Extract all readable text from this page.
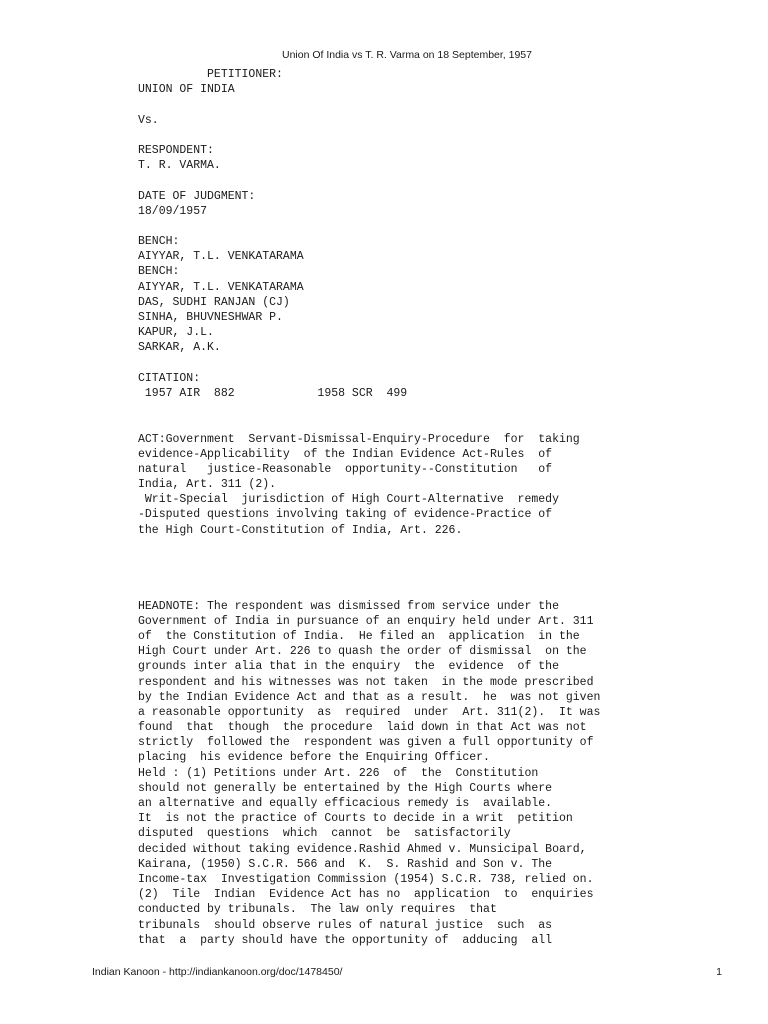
Union Of India vs T. R. Varma on 18 September, 1957
PETITIONER:
UNION OF INDIA
Vs.
RESPONDENT:
T. R. VARMA.
DATE OF JUDGMENT:
18/09/1957
BENCH:
AIYYAR, T.L. VENKATARAMA
BENCH:
AIYYAR, T.L. VENKATARAMA
DAS, SUDHI RANJAN (CJ)
SINHA, BHUVNESHWAR P.
KAPUR, J.L.
SARKAR, A.K.
CITATION:
1957 AIR  882            1958 SCR  499
ACT:Government  Servant-Dismissal-Enquiry-Procedure  for  taking
evidence-Applicability  of the Indian Evidence Act-Rules  of
natural   justice-Reasonable  opportunity--Constitution   of
India, Art. 311 (2).
Writ-Special  jurisdiction of High Court-Alternative  remedy
-Disputed questions involving taking of evidence-Practice of
the High Court-Constitution of India, Art. 226.
HEADNOTE: The respondent was dismissed from service under the
Government of India in pursuance of an enquiry held under Art. 311
of  the Constitution of India.  He filed an  application  in the
High Court under Art. 226 to quash the order of dismissal  on the
grounds inter alia that in the enquiry  the  evidence  of the
respondent and his witnesses was not taken  in the mode prescribed
by the Indian Evidence Act and that as a result.  he  was not given
a reasonable opportunity  as  required  under  Art. 311(2).  It was
found  that  though  the procedure  laid down in that Act was not
strictly  followed the  respondent was given a full opportunity of
placing  his evidence before the Enquiring Officer.
Held : (1) Petitions under Art. 226  of  the  Constitution
should not generally be entertained by the High Courts where
an alternative and equally efficacious remedy is  available.
It  is not the practice of Courts to decide in a writ  petition
disputed  questions  which  cannot  be  satisfactorily
decided without taking evidence.Rashid Ahmed v. Munsicipal Board,
Kairana, (1950) S.C.R. 566 and  K.  S. Rashid and Son v. The
Income-tax  Investigation Commission (1954) S.C.R. 738, relied on.
(2)  Tile  Indian  Evidence Act has no  application  to  enquiries
conducted by tribunals.  The law only requires  that
tribunals  should observe rules of natural justice  such  as
that  a  party should have the opportunity of  adducing  all
Indian Kanoon - http://indiankanoon.org/doc/1478450/	1
